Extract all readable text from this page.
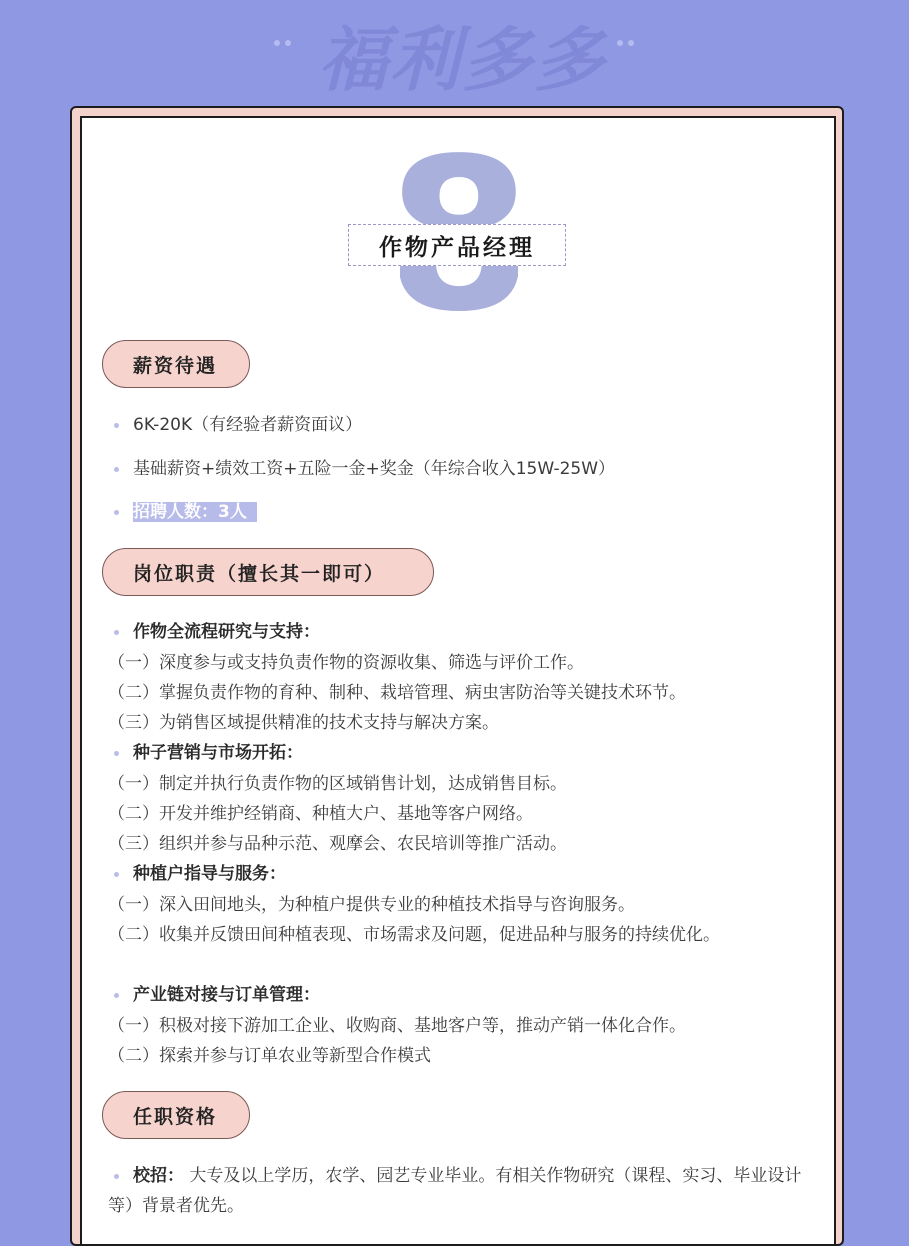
福利多多
作物产品经理
薪资待遇
6K-20K（有经验者薪资面议）
基础薪资+绩效工资+五险一金+奖金（年综合收入15W-25W）
招聘人数：3人
岗位职责（擅长其一即可）
作物全流程研究与支持：
（一）深度参与或支持负责作物的资源收集、筛选与评价工作。
（二）掌握负责作物的育种、制种、栽培管理、病虫害防治等关键技术环节。
（三）为销售区域提供精准的技术支持与解决方案。
种子营销与市场开拓：
（一）制定并执行负责作物的区域销售计划，达成销售目标。
（二）开发并维护经销商、种植大户、基地等客户网络。
（三）组织并参与品种示范、观摩会、农民培训等推广活动。
种植户指导与服务：
（一）深入田间地头，为种植户提供专业的种植技术指导与咨询服务。
（二）收集并反馈田间种植表现、市场需求及问题，促进品种与服务的持续优化。
产业链对接与订单管理：
（一）积极对接下游加工企业、收购商、基地客户等，推动产销一体化合作。
（二）探索并参与订单农业等新型合作模式
任职资格
校招： 大专及以上学历，农学、园艺专业毕业。有相关作物研究（课程、实习、毕业设计等）背景者优先。
